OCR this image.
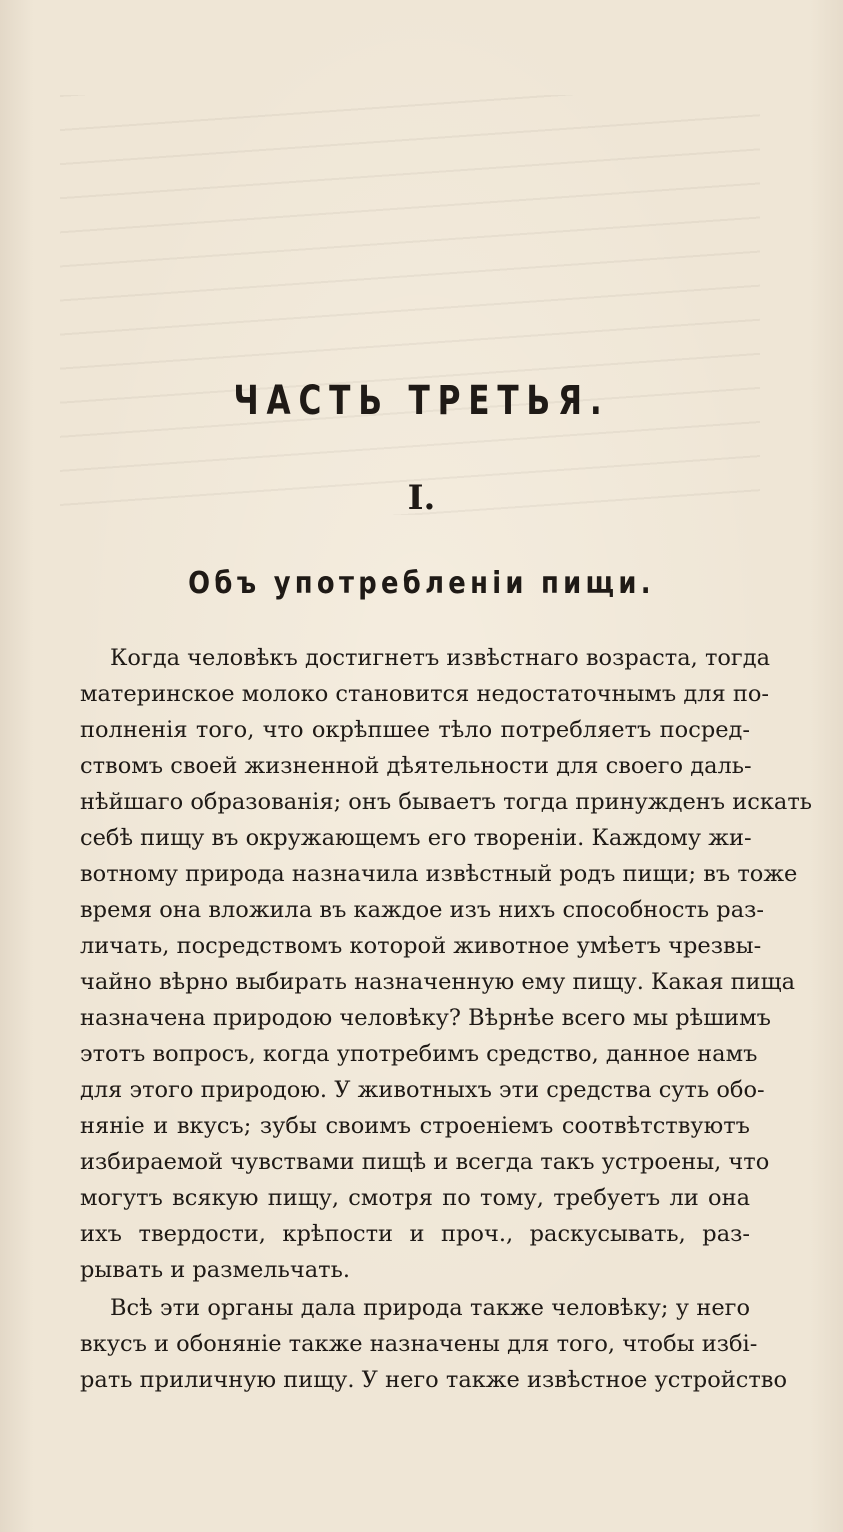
ЧАСТЬ ТРЕТЬЯ.
I.
Объ употребленіи пищи.
Когда человѣкъ достигнетъ извѣстнаго возраста, тогда
материнское молоко становится недостаточнымъ для по-
полненія того, что окрѣпшее тѣло потребляетъ посред-
ствомъ своей жизненной дѣятельности для своего даль-
нѣйшаго образованія; онъ бываетъ тогда принужденъ искать
себѣ пищу въ окружающемъ его твореніи. Каждому жи-
вотному природа назначила извѣстный родъ пищи; въ тоже
время она вложила въ каждое изъ нихъ способность раз-
личать, посредствомъ которой животное умѣетъ чрезвы-
чайно вѣрно выбирать назначенную ему пищу. Какая пища
назначена природою человѣку? Вѣрнѣе всего мы рѣшимъ
этотъ вопросъ, когда употребимъ средство, данное намъ
для этого природою. У животныхъ эти средства суть обо-
няніе и вкусъ; зубы своимъ строеніемъ соотвѣтствуютъ
избираемой чувствами пищѣ и всегда такъ устроены, что
могутъ всякую пищу, смотря по тому, требуетъ ли она
ихъ твердости, крѣпости и проч., раскусывать, раз-
рывать и размельчать.
Всѣ эти органы дала природа также человѣку; у него
вкусъ и обоняніе также назначены для того, чтобы избі-
рать приличную пищу. У него также извѣстное устройство
